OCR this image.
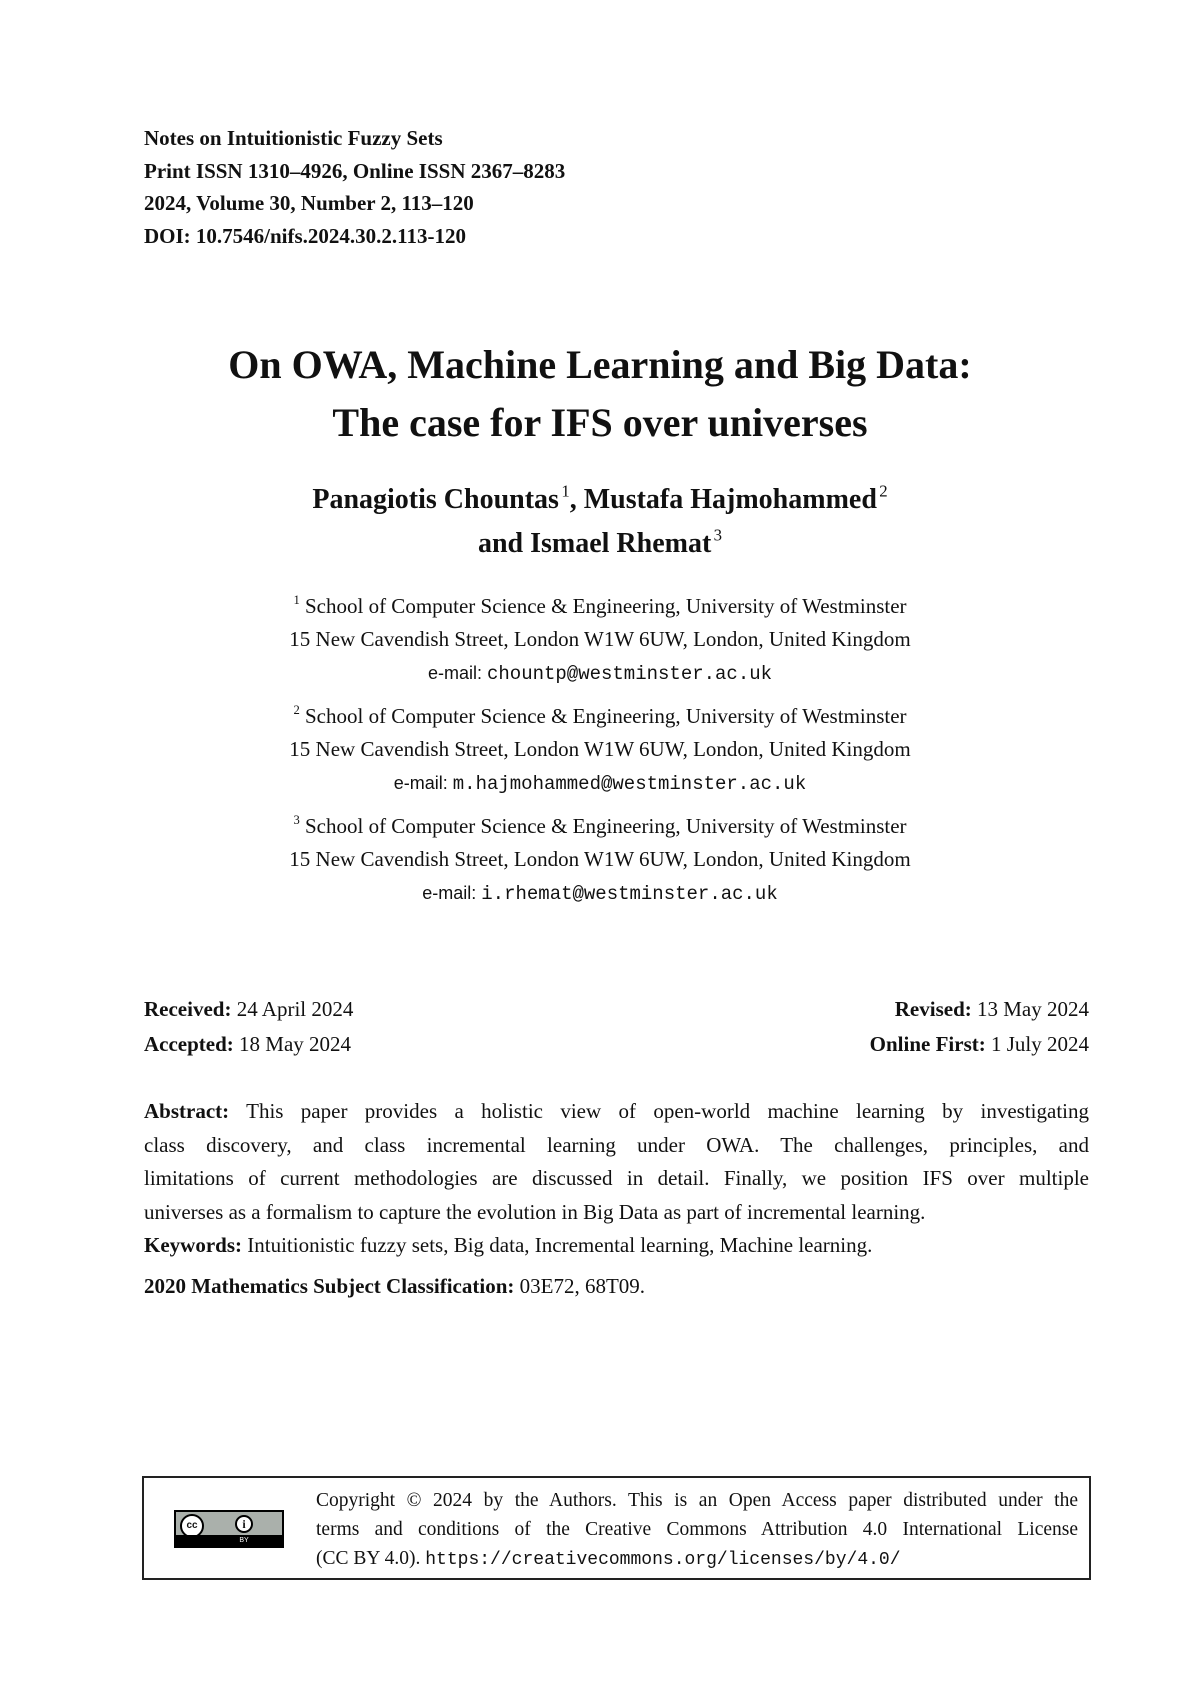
Notes on Intuitionistic Fuzzy Sets
Print ISSN 1310–4926, Online ISSN 2367–8283
2024, Volume 30, Number 2, 113–120
DOI: 10.7546/nifs.2024.30.2.113-120
On OWA, Machine Learning and Big Data:
The case for IFS over universes
Panagiotis Chountas  $^1$, Mustafa Hajmohammed  $^2$
and Ismael Rhemat  $^3$
$^1$ School of Computer Science & Engineering, University of Westminster
15 New Cavendish Street, London W1W 6UW, London, United Kingdom
e-mail: chountp@westminster.ac.uk
$^2$ School of Computer Science & Engineering, University of Westminster
15 New Cavendish Street, London W1W 6UW, London, United Kingdom
e-mail: m.hajmohammed@westminster.ac.uk
$^3$ School of Computer Science & Engineering, University of Westminster
15 New Cavendish Street, London W1W 6UW, London, United Kingdom
e-mail: i.rhemat@westminster.ac.uk
Received: 24 April 2024	Revised: 13 May 2024
Accepted: 18 May 2024	Online First: 1 July 2024
Abstract: This paper provides a holistic view of open-world machine learning by investigating
class discovery, and class incremental learning under OWA. The challenges, principles, and
limitations of current methodologies are discussed in detail. Finally, we position IFS over multiple
universes as a formalism to capture the evolution in Big Data as part of incremental learning.
Keywords: Intuitionistic fuzzy sets, Big data, Incremental learning, Machine learning.
2020 Mathematics Subject Classification: 03E72, 68T09.
cc	i
BY
Copyright © 2024 by the Authors. This is an Open Access paper distributed under the
terms and conditions of the Creative Commons Attribution 4.0 International License
(CC BY 4.0). https://creativecommons.org/licenses/by/4.0/
